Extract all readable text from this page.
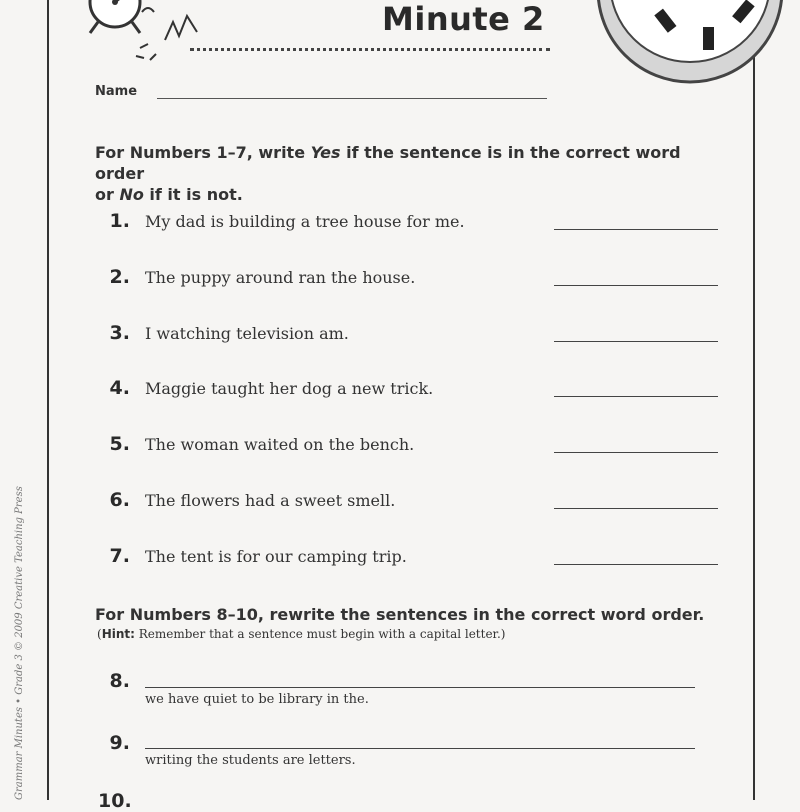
Grammar Minutes • Grade 3 © 2009 Creative Teaching Press
Minute 2
Name
For Numbers 1–7, write Yes if the sentence is in the correct word order
or No if it is not.
1. My dad is building a tree house for me.
2. The puppy around ran the house.
3. I watching television am.
4. Maggie taught her dog a new trick.
5. The woman waited on the bench.
6. The flowers had a sweet smell.
7. The tent is for our camping trip.
For Numbers 8–10, rewrite the sentences in the correct word order.
(Hint: Remember that a sentence must begin with a capital letter.)
8.
we have quiet to be library in the.
9.
writing the students are letters.
10.
